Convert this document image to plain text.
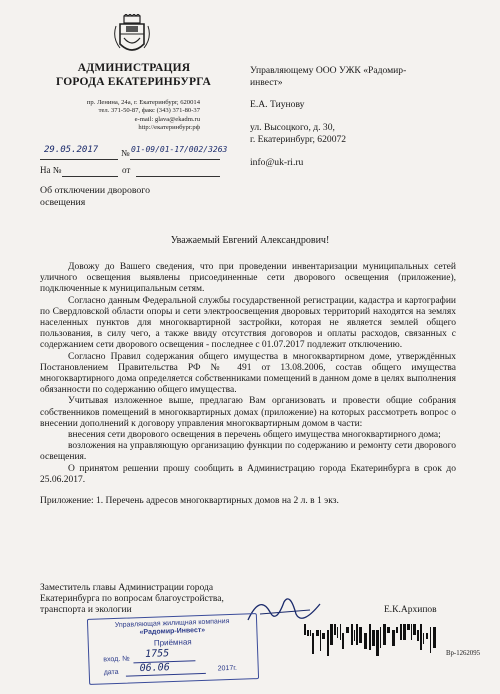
АДМИНИСТРАЦИЯ
ГОРОДА ЕКАТЕРИНБУРГА
пр. Ленина, 24а, г. Екатеринбург, 620014
тел. 371-50-87, факс (343) 371-80-37
e-mail: glava@ekadm.ru
http://екатеринбург.рф
Управляющему ООО УЖК «Радомир-
инвест»
Е.А. Тиунову
ул. Высоцкого, д. 30,
г. Екатеринбург, 620072
info@uk-ri.ru
29.05.2017	№ 01-09/01-17/002/3263
На №	от
Об отключении дворового
освещения
Уважаемый Евгений Александрович!

Довожу до Вашего сведения, что при проведении инвентаризации муниципальных сетей уличного освещения выявлены присоединенные сети дворового освещения (приложение), подключенные к муниципальным сетям.

Согласно данным Федеральной службы государственной регистрации, кадастра и картографии по Свердловской области опоры и сети электроосвещения дворовых территорий находятся на землях населенных пунктов для многоквартирной застройки, которая не является землей общего пользования, в силу чего, а также ввиду отсутствия договоров и оплаты расходов, связанных с содержанием сети дворового освещения - последнее с 01.07.2017 подлежит отключению.

Согласно Правил содержания общего имущества в многоквартирном доме, утверждённых Постановлением Правительства РФ № 491 от 13.08.2006, состав общего имущества многоквартирного дома определяется собственниками помещений в данном доме в целях выполнения обязанности по содержанию общего имущества.

Учитывая изложенное выше, предлагаю Вам организовать и провести общие собрания собственников помещений в многоквартирных домах (приложение) на которых рассмотреть вопрос о внесении дополнений к договору управления многоквартирным домом в части:

внесения сети дворового освещения в перечень общего имущества многоквартирного дома;

возложения на управляющую организацию функции по содержанию и ремонту сети дворового освещения.

О принятом решении прошу сообщить в Администрацию города Екатеринбурга в срок до 25.06.2017.

Приложение: 1. Перечень адресов многоквартирных домов на 2 л. в 1 экз.

Заместитель главы Администрации города
Екатеринбурга по вопросам благоустройства,
транспорта и экологии	Е.К.Архипов
Управляющая жилищная компания
«Радомир-Инвест»
Приёмная
вход. № 1755
дата 06.06	2017г.
Вр-1262095
